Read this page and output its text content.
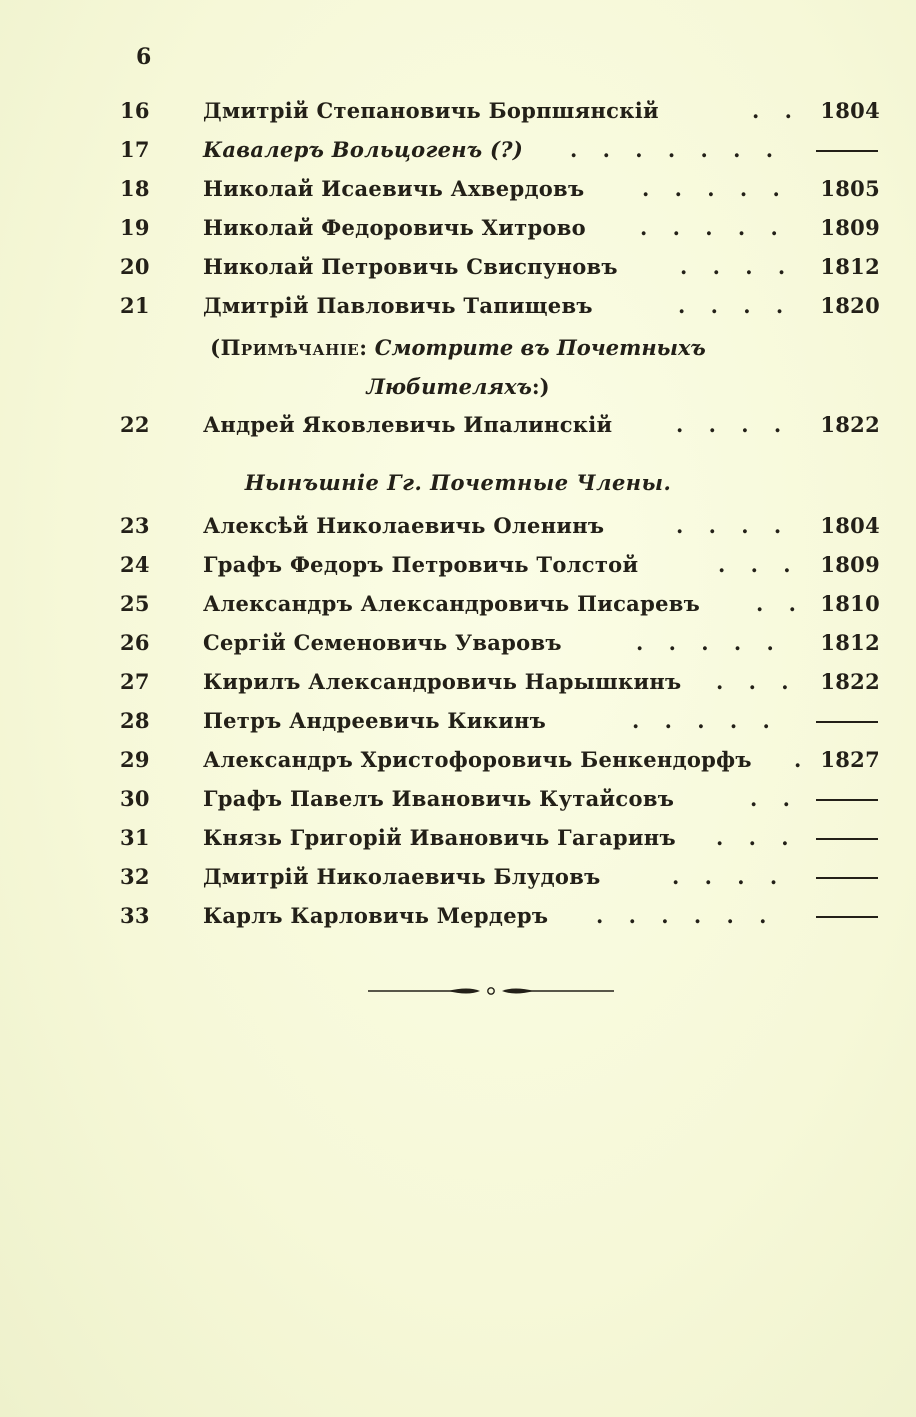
6
16	Дмитрій Степановичь Борпшянскій	. . 1804
17	Кавалеръ Вольцогенъ (?) . . . . . . .
18	Николай Исаевичь Ахвердовъ	. . . . . 1805
19	Николай Федоровичь Хитрово	. . . . . 1809
20	Николай Петровичь Свиспуновъ	. . . . 1812
21	Дмитрій Павловичь Тапищевъ	. . . . 1820
(Примѣчаніе: Смотрите въ Почетныхъ
Любителяхъ:)
22	Андрей Яковлевичь Ипалинскій	. . . . 1822
Нынъшніе Гг. Почетные Члены.
23	Алексѣй Николаевичь Оленинъ	. . . . 1804
24	Графъ Федоръ Петровичь Толстой	. . . 1809
25	Александръ Александровичь Писаревъ	. . 1810
26	Сергій Семеновичь Уваровъ	. . . . . 1812
27	Кирилъ Александровичь Нарышкинъ . . . 1822
28	Петръ Андреевичь Кикинъ	. . . . .
29	Александръ Христофоровичь Бенкендорфъ . 1827
30	Графъ Павелъ Ивановичь Кутайсовъ	. .
31	Князь Григорій Ивановичь Гагаринъ . . .
32	Дмитрій Николаевичь Блудовъ	. . . .
33	Карлъ Карловичь Мердеръ . . . . . .
